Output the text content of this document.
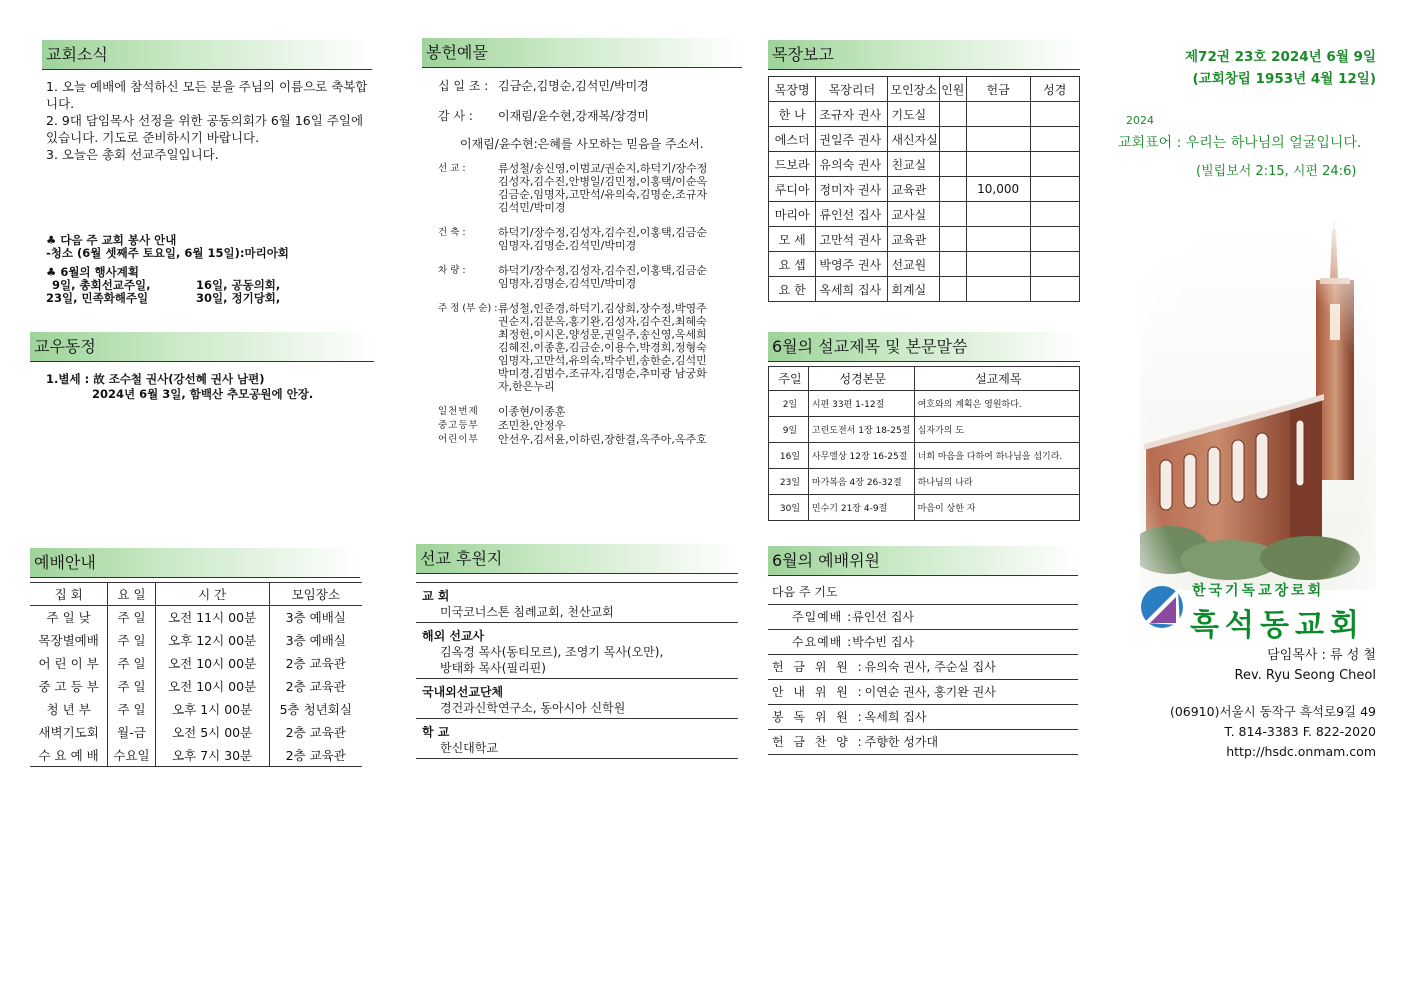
교회소식
1. 오늘 예배에 참석하신 모든 분을 주님의 이름으로 축복합니다.
2. 9대 담임목사 선정을 위한 공동의회가 6월 16일 주일에 있습니다. 기도로 준비하시기 바랍니다.
3. 오늘은 총회 선교주일입니다.
♣ 다음 주 교회 봉사 안내
-청소 (6월 셋째주 토요일, 6월 15일):마리아회
♣ 6월의 행사계획
9일, 총회선교주일,	16일, 공동의회,
23일, 민족화해주일	30일, 정기당회,
교우동정
1.별세 : 故 조수철 권사(강선혜 권사 남편)
2024년 6월 3일, 함백산 추모공원에 안장.
예배안내
집 회	요 일	시 간	모임장소
주 일 낮	주 일	오전 11시 00분	3층 예배실
목장별예배	주 일	오후 12시 00분	3층 예배실
어 린 이 부	주 일	오전 10시 00분	2층 교육관
중 고 등 부	주 일	오전 10시 00분	2층 교육관
청 년 부	주 일	오후 1시 00분	5층 청년회실
새벽기도회	월-금	오전 5시 00분	2층 교육관
수 요 예 배	수요일	오후 7시 30분	2층 교육관
봉헌예물
십 일 조 : 김금순,김명순,김석민/박미경
감 사 :	이재림/윤수현,강재복/장경미
이재림/윤수현:은혜를 사모하는 믿음을 주소서.
선 교 :	류성철/송신영,이범교/권순지,하덕기/장수정 김성자,김수진,안병일/김민정,이홍택/이순옥 김금순,임명자,고만석/유의숙,김명순,조규자 김석민/박미경
건 축 :	하덕기/장수정,김성자,김수진,이홍택,김금순 임명자,김명순,김석민/박미경
차 량 :	하덕기/장수정,김성자,김수진,이홍택,김금순 임명자,김명순,김석민/박미경
주 정 (부 순) : 류성철,인준경,하덕기,김상희,장수정,박영주 권순지,김분옥,홍기완,김성자,김수진,최혜숙 최정헌,이시온,양성문,권일주,송신영,옥세희 김혜진,이종훈,김금순,이용수,박경희,정형숙 임명자,고만석,유의숙,박수빈,송한순,김석민 박미경,김범수,조규자,김명순,추미광 남궁화자,한은누리
일천번제	이종현/이종훈
중고등부	조민찬,안정우
어린이부	안선우,김서윤,이하린,장한결,옥주아,옥주호
선교 후원지
교 회
미국코너스톤 침례교회, 천산교회
해외 선교사
김옥경 목사(동티모르), 조영기 목사(오만),
방태화 목사(필리핀)
국내외선교단체
경건과신학연구소, 동아시아 신학원
학 교
한신대학교
목장보고
목장명	목장리더	모인장소	인원	헌금	성경
한 나	조규자 권사	기도실			
에스더	권일주 권사	새신자실			
드보라	유의숙 권사	친교실			
루디아	정미자 권사	교육관		10,000	
마리아	류인선 집사	교사실			
모 세	고만석 권사	교육관			
요 셉	박영주 권사	선교원			
요 한	옥세희 집사	회계실			
6월의 설교제목 및 본문말씀
주일	성경본문	설교제목
2일	시편 33편 1-12절	여호와의 계획은 영원하다.
9일	고린도전서 1장 18-25절	십자가의 도
16일	사무엘상 12장 16-25절	너희 마음을 다하여 하나님을 섬기라.
23일	마가복음 4장 26-32절	하나님의 나라
30일	민수기 21장 4-9절	마음이 상한 자
6월의 예배위원
다음 주 기도
주일예배 :류인선 집사
수요예배 :박수빈 집사
헌 금 위 원 :유의숙 권사, 주순실 집사
안 내 위 원 :이연순 권사, 홍기완 권사
봉 독 위 원 :옥세희 집사
헌 금 찬 양 :주향한 성가대
제72권 23호 2024년 6월 9일
(교회창립 1953년 4월 12일)
2024
교회표어 : 우리는 하나님의 얼굴입니다.
(빌립보서 2:15, 시편 24:6)
한국기독교장로회
흑석동교회
담임목사 : 류 성 철
Rev. Ryu Seong Cheol
(06910)서울시 동작구 흑석로9길 49
T. 814-3383 F. 822-2020
http://hsdc.onmam.com
